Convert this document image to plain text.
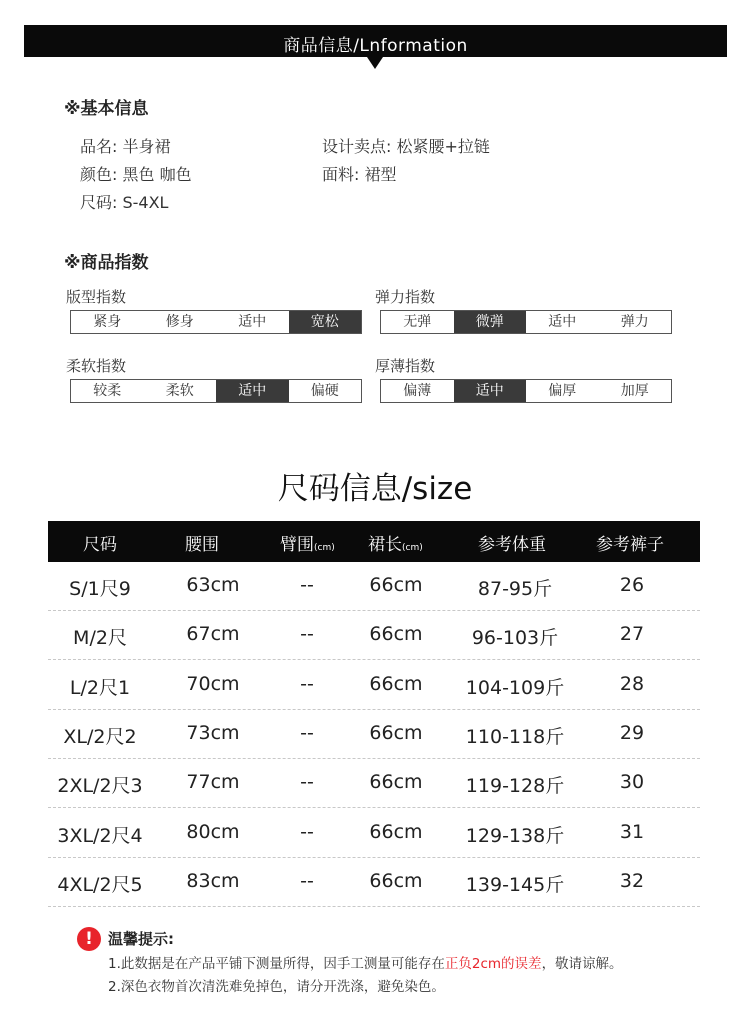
商品信息/Lnformation
※基本信息
品名: 半身裙	设计卖点: 松紧腰+拉链
颜色: 黑色 咖色	面料: 裙型
尺码: S-4XL
※商品指数
版型指数
紧身	修身	适中	宽松
弹力指数
无弹	微弹	适中	弹力
柔软指数
较柔	柔软	适中	偏硬
厚薄指数
偏薄	适中	偏厚	加厚
尺码信息/size
尺码	腰围	臂围(cm) 裙长(cm)	参考体重	参考裤子
S/1尺9	63cm	--	66cm	87-95斤	26
M/2尺	67cm	--	66cm	96-103斤	27
L/2尺1	70cm	--	66cm 104-109斤	28
XL/2尺2	73cm	--	66cm 110-118斤	29
2XL/2尺3 77cm	--	66cm 119-128斤	30
3XL/2尺4 80cm	--	66cm 129-138斤	31
4XL/2尺5 83cm	--	66cm 139-145斤	32
!	温馨提示:
1.此数据是在产品平铺下测量所得，因手工测量可能存在正负2cm的误差，敬请谅解。
2.深色衣物首次清洗难免掉色，请分开洗涤，避免染色。
